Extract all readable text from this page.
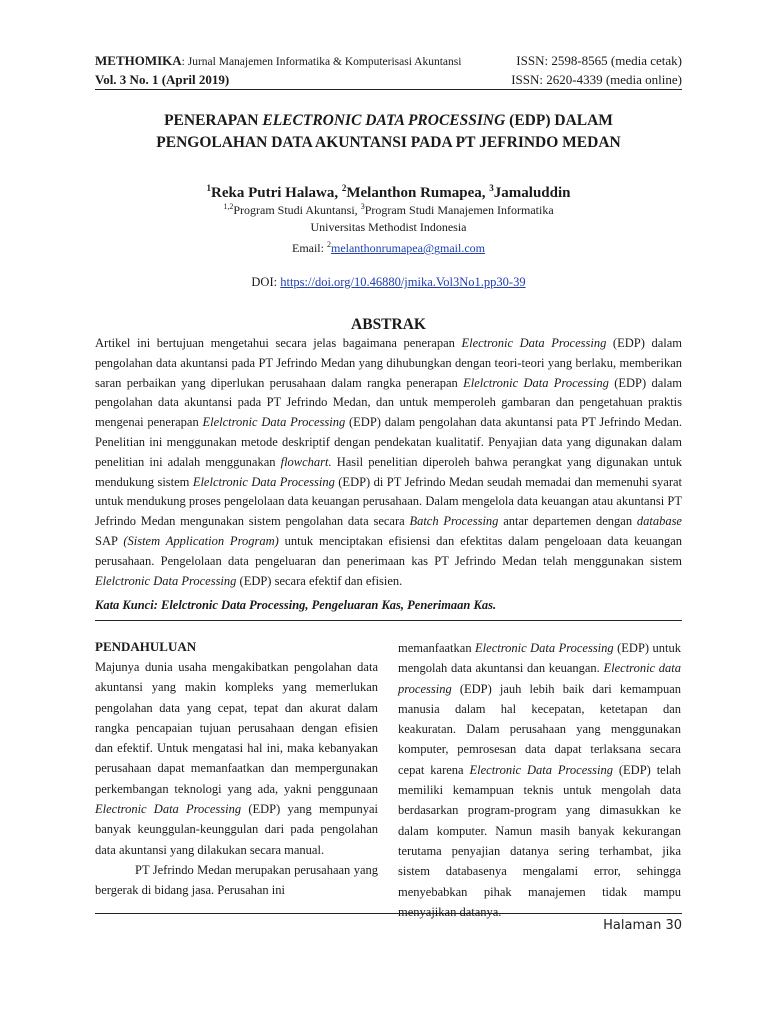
METHOMIKA: Jurnal Manajemen Informatika & Komputerisasi Akuntansi	ISSN: 2598-8565 (media cetak)
Vol. 3 No. 1 (April 2019)	ISSN: 2620-4339 (media online)
PENERAPAN ELECTRONIC DATA PROCESSING (EDP) DALAM
PENGOLAHAN DATA AKUNTANSI PADA PT JEFRINDO MEDAN
$^1$Reka Putri Halawa, $^2$Melanthon Rumapea, $^3$Jamaluddin
$^{1,2}$Program Studi Akuntansi, $^3$Program Studi Manajemen Informatika
Universitas Methodist Indonesia
Email: $^2$melanthonrumapea@gmail.com
DOI: https://doi.org/10.46880/jmika.Vol3No1.pp30-39
ABSTRAK
Artikel ini bertujuan mengetahui secara jelas bagaimana penerapan Electronic Data Processing (EDP) dalam pengolahan data akuntansi pada PT Jefrindo Medan yang dihubungkan dengan teori-teori yang berlaku, memberikan saran perbaikan yang diperlukan perusahaan dalam rangka penerapan Elelctronic Data Processing (EDP) dalam pengolahan data akuntansi pada PT Jefrindo Medan, dan untuk memperoleh gambaran dan pengetahuan praktis mengenai penerapan Elelctronic Data Processing (EDP) dalam pengolahan data akuntansi pata PT Jefrindo Medan. Penelitian ini menggunakan metode deskriptif dengan pendekatan kualitatif. Penyajian data yang digunakan dalam penelitian ini adalah menggunakan flowchart. Hasil penelitian diperoleh bahwa perangkat yang digunakan untuk mendukung sistem Elelctronic Data Processing (EDP) di PT Jefrindo Medan seudah memadai dan memenuhi syarat untuk mendukung proses pengelolaan data keuangan perusahaan. Dalam mengelola data keuangan atau akuntansi PT Jefrindo Medan mengunakan sistem pengolahan data secara Batch Processing antar departemen dengan database SAP (Sistem Application Program) untuk menciptakan efisiensi dan efektitas dalam pengeloaan data keuangan perusahaan. Pengelolaan data pengeluaran dan penerimaan kas PT Jefrindo Medan telah menggunakan sistem Elelctronic Data Processing (EDP) secara efektif dan efisien.
Kata Kunci: Elelctronic Data Processing, Pengeluaran Kas, Penerimaan Kas.
PENDAHULUAN

Majunya dunia usaha mengakibatkan pengolahan data akuntansi yang makin kompleks yang memerlukan pengolahan data yang cepat, tepat dan akurat dalam rangka pencapaian tujuan perusahaan dengan efisien dan efektif. Untuk mengatasi hal ini, maka kebanyakan perusahaan dapat memanfaatkan dan mempergunakan perkembangan teknologi yang ada, yakni penggunaan Electronic Data Processing (EDP) yang mempunyai banyak keunggulan-keunggulan dari pada pengolahan data akuntansi yang dilakukan secara manual.

PT Jefrindo Medan merupakan perusahaan yang bergerak di bidang jasa. Perusahan ini

memanfaatkan Electronic Data Processing (EDP) untuk mengolah data akuntansi dan keuangan. Electronic data processing (EDP) jauh lebih baik dari kemampuan manusia dalam hal kecepatan, ketetapan dan keakuratan. Dalam perusahaan yang menggunakan komputer, pemrosesan data dapat terlaksana secara cepat karena Electronic Data Processing (EDP) telah memiliki kemampuan teknis untuk mengolah data berdasarkan program-program yang dimasukkan ke dalam komputer. Namun masih banyak kekurangan terutama penyajian datanya sering terhambat, jika sistem databasenya mengalami error, sehingga menyebabkan pihak manajemen tidak mampu menyajikan datanya.

Halaman 30
